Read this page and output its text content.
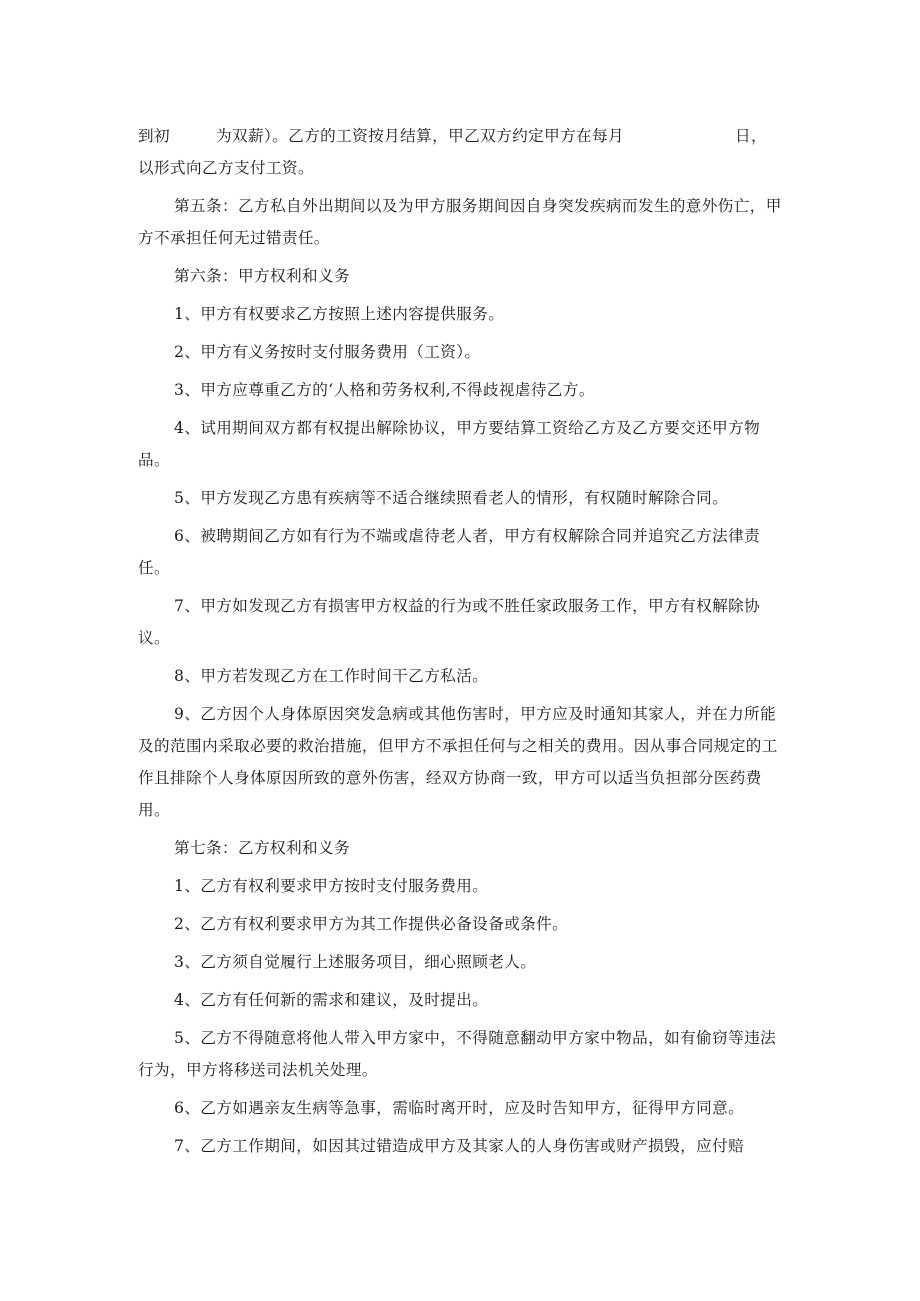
到初	为双薪）。乙方的工资按月结算，甲乙双方约定甲方在每月	日，

以形式向乙方支付工资。

第五条：乙方私自外出期间以及为甲方服务期间因自身突发疾病而发生的意外伤亡，甲方不承担任何无过错责任。

第六条：甲方权利和义务

1、甲方有权要求乙方按照上述内容提供服务。

2、甲方有义务按时支付服务费用（工资）。

3、甲方应尊重乙方的‘人格和劳务权利,不得歧视虐待乙方。

4、试用期间双方都有权提出解除协议，甲方要结算工资给乙方及乙方要交还甲方物品。

5、甲方发现乙方患有疾病等不适合继续照看老人的情形，有权随时解除合同。

6、被聘期间乙方如有行为不端或虐待老人者，甲方有权解除合同并追究乙方法律责任。

7、甲方如发现乙方有损害甲方权益的行为或不胜任家政服务工作，甲方有权解除协议。

8、甲方若发现乙方在工作时间干乙方私活。

9、乙方因个人身体原因突发急病或其他伤害时，甲方应及时通知其家人，并在力所能及的范围内采取必要的救治措施，但甲方不承担任何与之相关的费用。因从事合同规定的工作且排除个人身体原因所致的意外伤害，经双方协商一致，甲方可以适当负担部分医药费用。

第七条：乙方权利和义务

1、乙方有权利要求甲方按时支付服务费用。

2、乙方有权利要求甲方为其工作提供必备设备或条件。

3、乙方须自觉履行上述服务项目，细心照顾老人。

4、乙方有任何新的需求和建议，及时提出。

5、乙方不得随意将他人带入甲方家中，不得随意翻动甲方家中物品，如有偷窃等违法行为，甲方将移送司法机关处理。

6、乙方如遇亲友生病等急事，需临时离开时，应及时告知甲方，征得甲方同意。

7、乙方工作期间，如因其过错造成甲方及其家人的人身伤害或财产损毁，应付赔
